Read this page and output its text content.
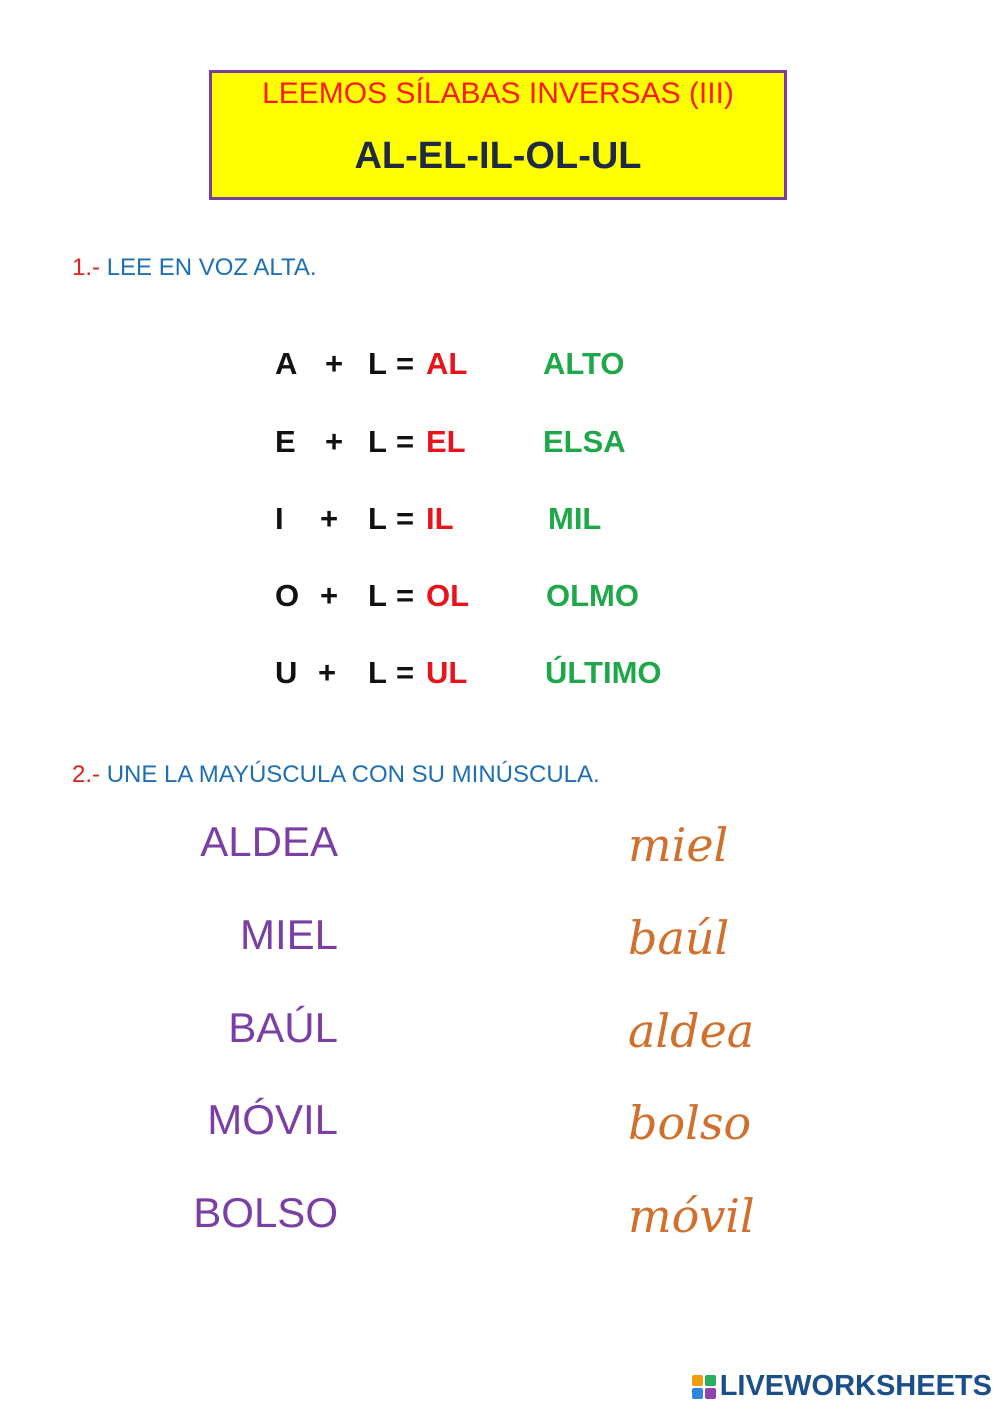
LEEMOS SÍLABAS INVERSAS (III)
AL-EL-IL-OL-UL
1.- LEE EN VOZ ALTA.
A + L = AL ALTO
E + L = EL ELSA
I + L = IL	MIL
O + L = OL OLMO
U + L = UL	ÚLTIMO
2.- UNE LA MAYÚSCULA CON SU MINÚSCULA.
ALDEA
MIEL
BAÚL
MÓVIL
BOLSO
miel
baúl
aldea
bolso
móvil
LIVEWORKSHEETS
